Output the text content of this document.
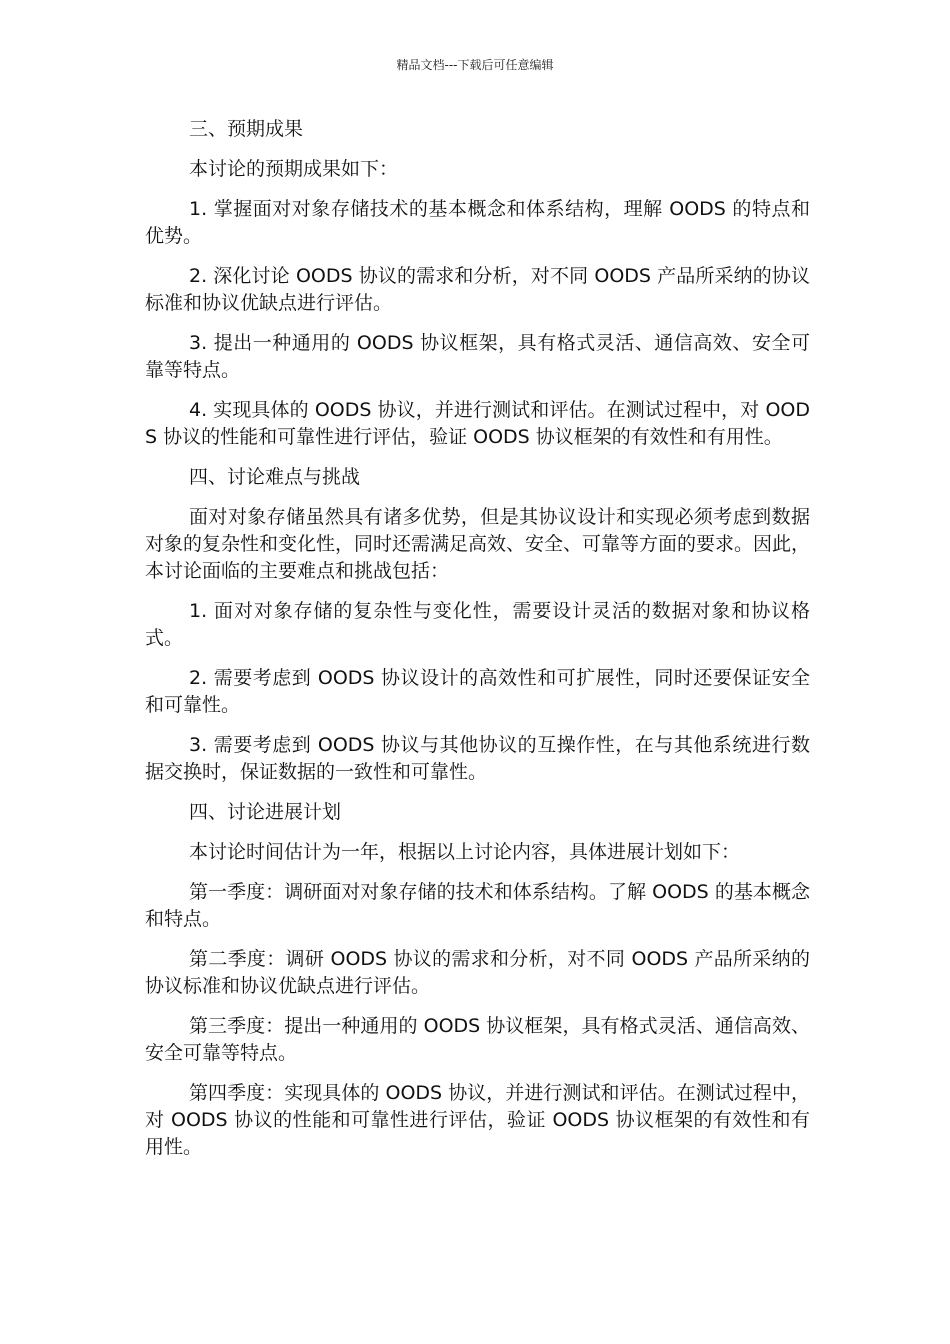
精品文档---下载后可任意编辑

三、预期成果

本讨论的预期成果如下：

1. 掌握面对对象存储技术的基本概念和体系结构，理解 OODS 的特点和优势。

2. 深化讨论 OODS 协议的需求和分析，对不同 OODS 产品所采纳的协议标准和协议优缺点进行评估。

3. 提出一种通用的 OODS 协议框架，具有格式灵活、通信高效、安全可靠等特点。

4. 实现具体的 OODS 协议，并进行测试和评估。在测试过程中，对 OODS 协议的性能和可靠性进行评估，验证 OODS 协议框架的有效性和有用性。

四、讨论难点与挑战

面对对象存储虽然具有诸多优势，但是其协议设计和实现必须考虑到数据对象的复杂性和变化性，同时还需满足高效、安全、可靠等方面的要求。因此，本讨论面临的主要难点和挑战包括：

1. 面对对象存储的复杂性与变化性，需要设计灵活的数据对象和协议格式。

2. 需要考虑到 OODS 协议设计的高效性和可扩展性，同时还要保证安全和可靠性。

3. 需要考虑到 OODS 协议与其他协议的互操作性，在与其他系统进行数据交换时，保证数据的一致性和可靠性。

四、讨论进展计划

本讨论时间估计为一年，根据以上讨论内容，具体进展计划如下：

第一季度：调研面对对象存储的技术和体系结构。了解 OODS 的基本概念和特点。

第二季度：调研 OODS 协议的需求和分析，对不同 OODS 产品所采纳的协议标准和协议优缺点进行评估。

第三季度：提出一种通用的 OODS 协议框架，具有格式灵活、通信高效、安全可靠等特点。

第四季度：实现具体的 OODS 协议，并进行测试和评估。在测试过程中，对 OODS 协议的性能和可靠性进行评估，验证 OODS 协议框架的有效性和有用性。
